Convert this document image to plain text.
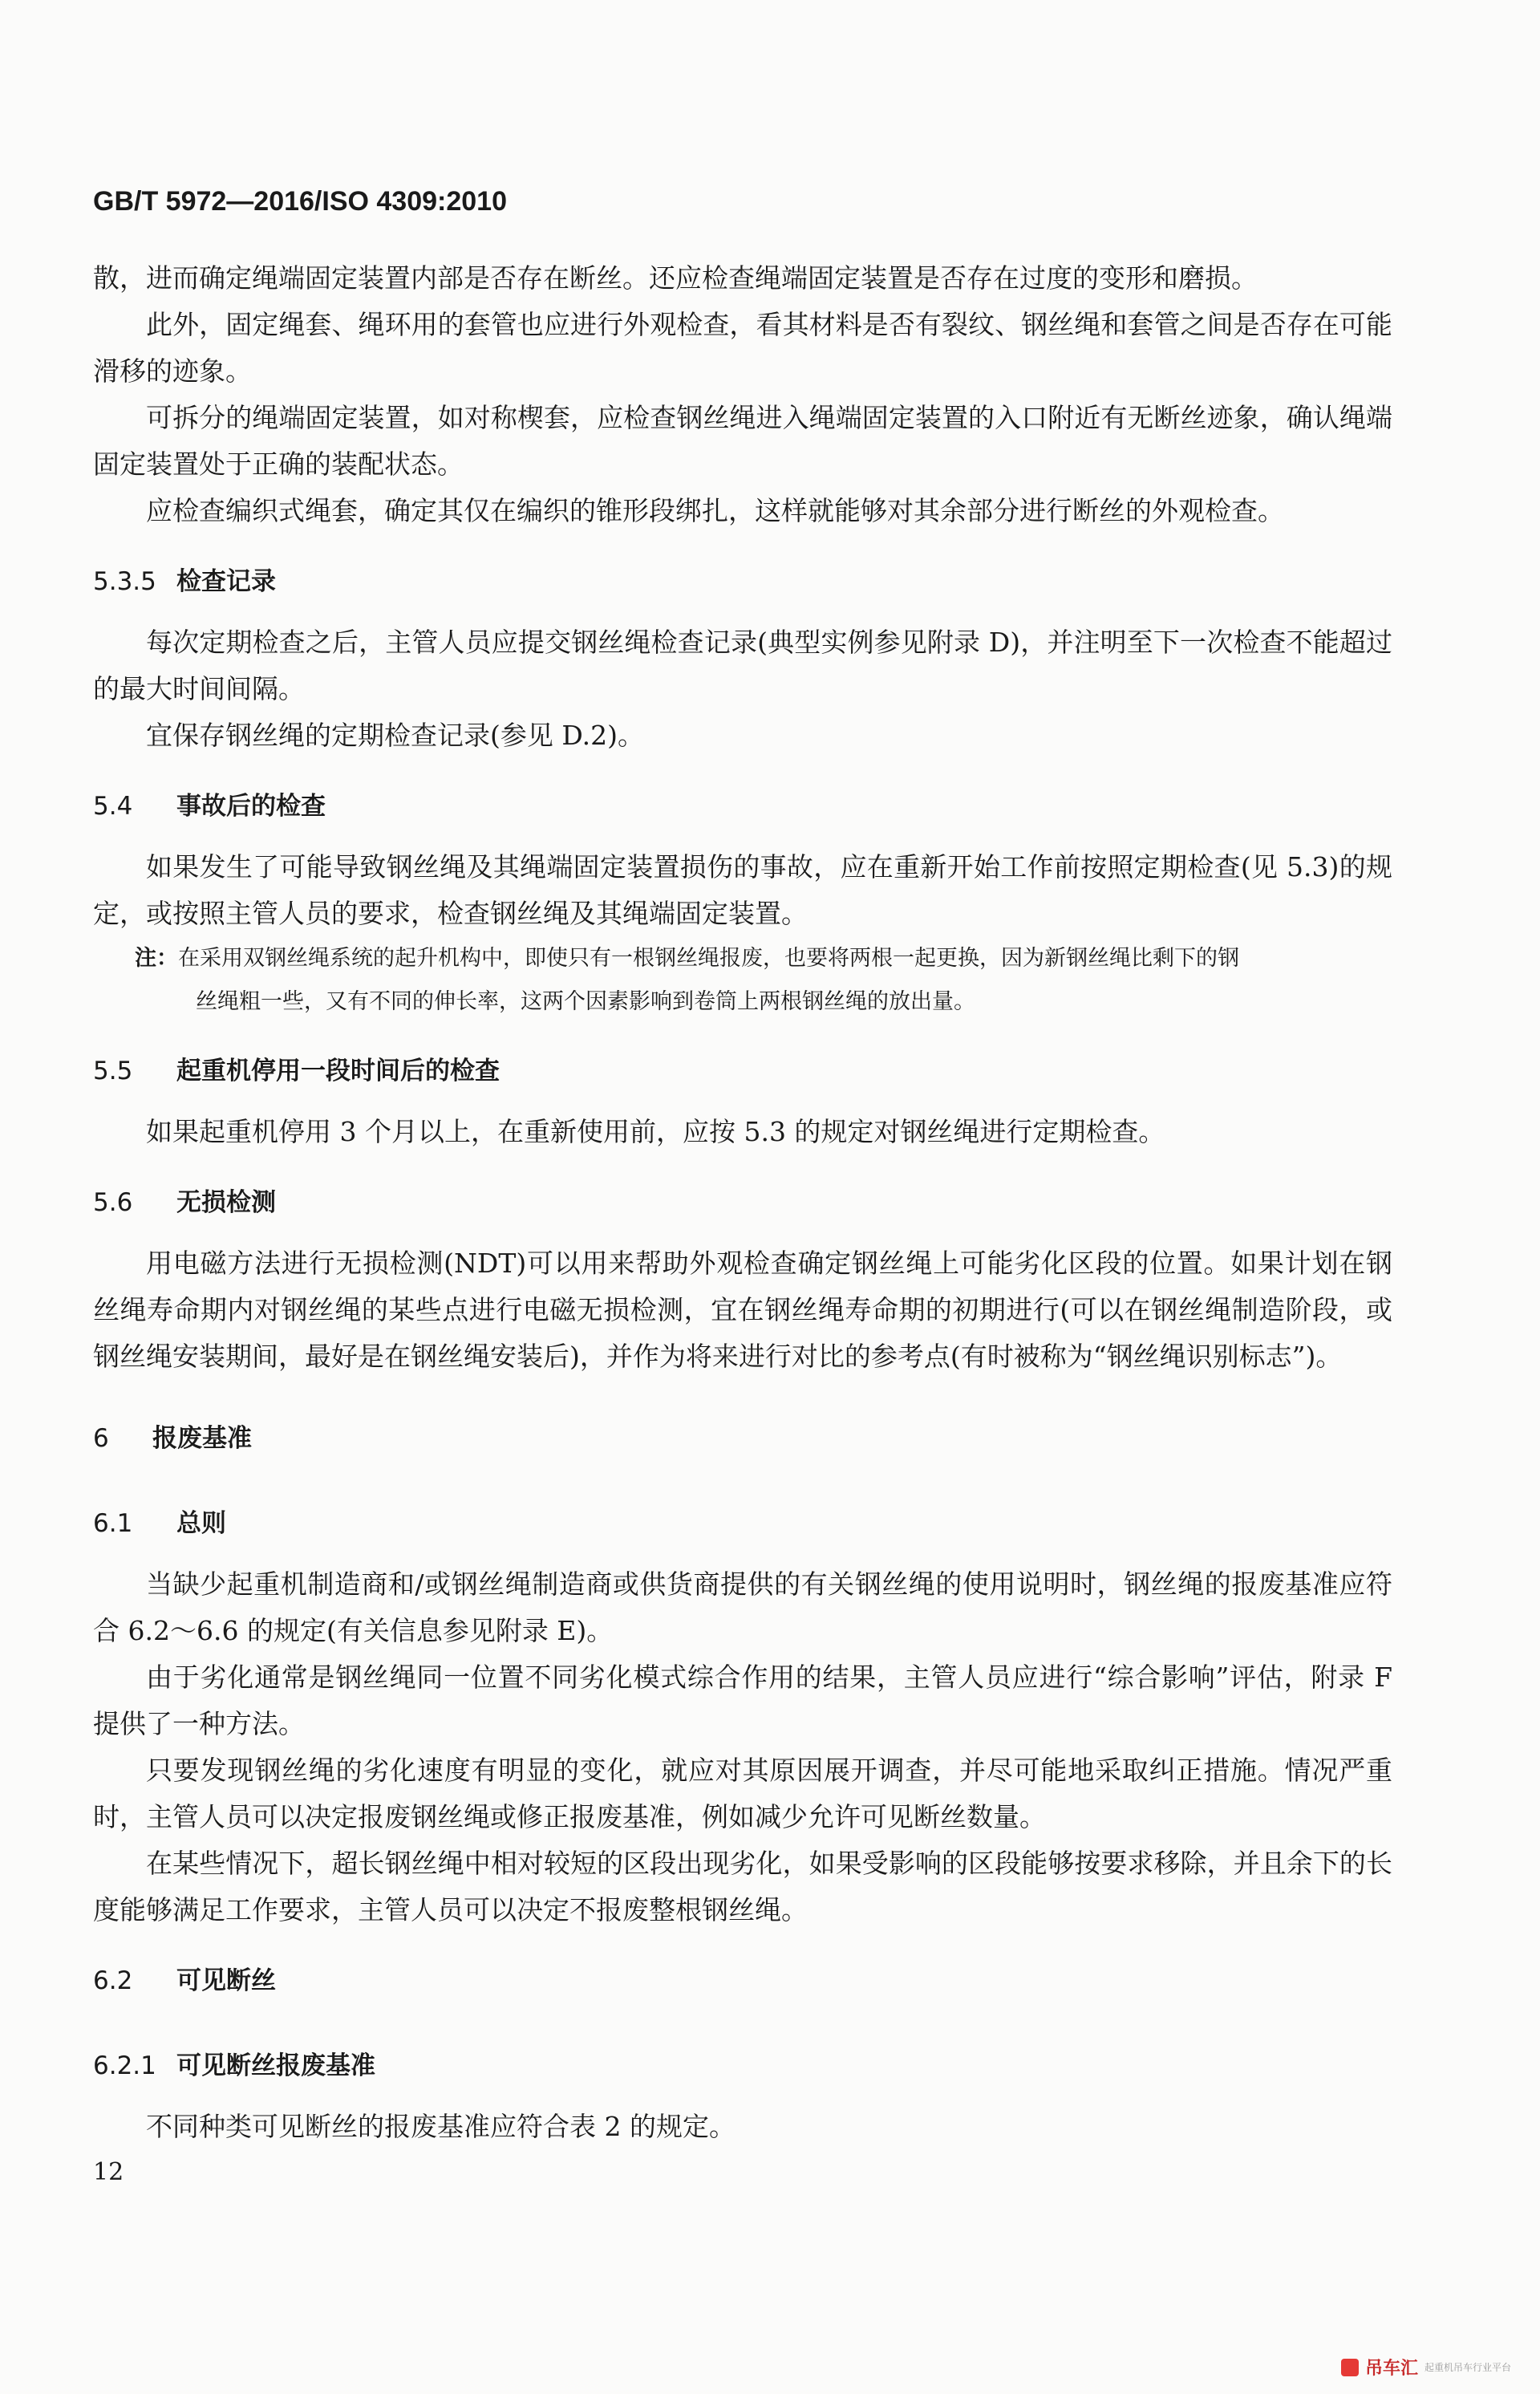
GB/T 5972—2016/ISO 4309:2010

散，进而确定绳端固定装置内部是否存在断丝。还应检查绳端固定装置是否存在过度的变形和磨损。

此外，固定绳套、绳环用的套管也应进行外观检查，看其材料是否有裂纹、钢丝绳和套管之间是否存在可能滑移的迹象。

可拆分的绳端固定装置，如对称楔套，应检查钢丝绳进入绳端固定装置的入口附近有无断丝迹象，确认绳端固定装置处于正确的装配状态。

应检查编织式绳套，确定其仅在编织的锥形段绑扎，这样就能够对其余部分进行断丝的外观检查。

5.3.5 检查记录

每次定期检查之后，主管人员应提交钢丝绳检查记录(典型实例参见附录 D)，并注明至下一次检查不能超过的最大时间间隔。

宜保存钢丝绳的定期检查记录(参见 D.2)。

5.4 事故后的检查

如果发生了可能导致钢丝绳及其绳端固定装置损伤的事故，应在重新开始工作前按照定期检查(见 5.3)的规定，或按照主管人员的要求，检查钢丝绳及其绳端固定装置。

注：在采用双钢丝绳系统的起升机构中，即使只有一根钢丝绳报废，也要将两根一起更换，因为新钢丝绳比剩下的钢

丝绳粗一些，又有不同的伸长率，这两个因素影响到卷筒上两根钢丝绳的放出量。

5.5 起重机停用一段时间后的检查

如果起重机停用 3 个月以上，在重新使用前，应按 5.3 的规定对钢丝绳进行定期检查。

5.6 无损检测

用电磁方法进行无损检测(NDT)可以用来帮助外观检查确定钢丝绳上可能劣化区段的位置。如果计划在钢丝绳寿命期内对钢丝绳的某些点进行电磁无损检测，宜在钢丝绳寿命期的初期进行(可以在钢丝绳制造阶段，或钢丝绳安装期间，最好是在钢丝绳安装后)，并作为将来进行对比的参考点(有时被称为“钢丝绳识别标志”)。

6 报废基准
6.1 总则

当缺少起重机制造商和/或钢丝绳制造商或供货商提供的有关钢丝绳的使用说明时，钢丝绳的报废基准应符合 6.2～6.6 的规定(有关信息参见附录 E)。

由于劣化通常是钢丝绳同一位置不同劣化模式综合作用的结果，主管人员应进行“综合影响”评估，附录 F 提供了一种方法。

只要发现钢丝绳的劣化速度有明显的变化，就应对其原因展开调查，并尽可能地采取纠正措施。情况严重时，主管人员可以决定报废钢丝绳或修正报废基准，例如减少允许可见断丝数量。

在某些情况下，超长钢丝绳中相对较短的区段出现劣化，如果受影响的区段能够按要求移除，并且余下的长度能够满足工作要求，主管人员可以决定不报废整根钢丝绳。

6.2 可见断丝
6.2.1 可见断丝报废基准

不同种类可见断丝的报废基准应符合表 2 的规定。

12
吊车汇 起重机吊车行业平台
